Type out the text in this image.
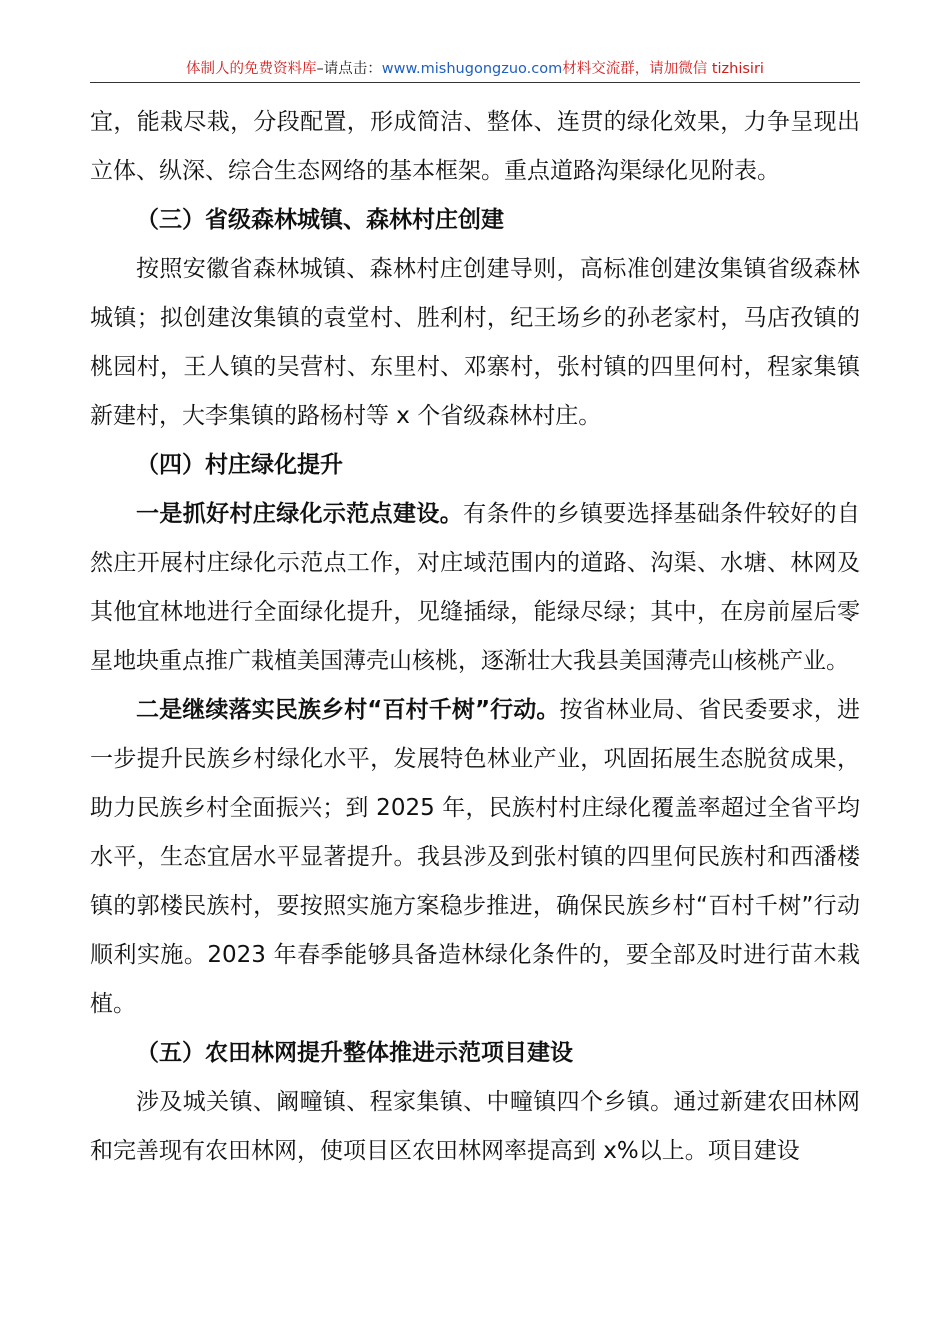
体制人的免费资料库–请点击：www.mishugongzuo.com材料交流群，请加微信 tizhisiri

宜，能栽尽栽，分段配置，形成简洁、整体、连贯的绿化效果，力争呈现出立体、纵深、综合生态网络的基本框架。重点道路沟渠绿化见附表。

（三）省级森林城镇、森林村庄创建

按照安徽省森林城镇、森林村庄创建导则，高标准创建汝集镇省级森林城镇；拟创建汝集镇的袁堂村、胜利村，纪王场乡的孙老家村，马店孜镇的桃园村，王人镇的吴营村、东里村、邓寨村，张村镇的四里何村，程家集镇新建村，大李集镇的路杨村等 x 个省级森林村庄。

（四）村庄绿化提升

一是抓好村庄绿化示范点建设。有条件的乡镇要选择基础条件较好的自然庄开展村庄绿化示范点工作，对庄域范围内的道路、沟渠、水塘、林网及其他宜林地进行全面绿化提升，见缝插绿，能绿尽绿；其中，在房前屋后零星地块重点推广栽植美国薄壳山核桃，逐渐壮大我县美国薄壳山核桃产业。

二是继续落实民族乡村“百村千树”行动。按省林业局、省民委要求，进一步提升民族乡村绿化水平，发展特色林业产业，巩固拓展生态脱贫成果，助力民族乡村全面振兴；到 2025 年，民族村村庄绿化覆盖率超过全省平均水平，生态宜居水平显著提升。我县涉及到张村镇的四里何民族村和西潘楼镇的郭楼民族村，要按照实施方案稳步推进，确保民族乡村“百村千树”行动顺利实施。2023 年春季能够具备造林绿化条件的，要全部及时进行苗木栽植。

（五）农田林网提升整体推进示范项目建设

涉及城关镇、阚疃镇、程家集镇、中疃镇四个乡镇。通过新建农田林网和完善现有农田林网，使项目区农田林网率提高到 x%以上。项目建设
